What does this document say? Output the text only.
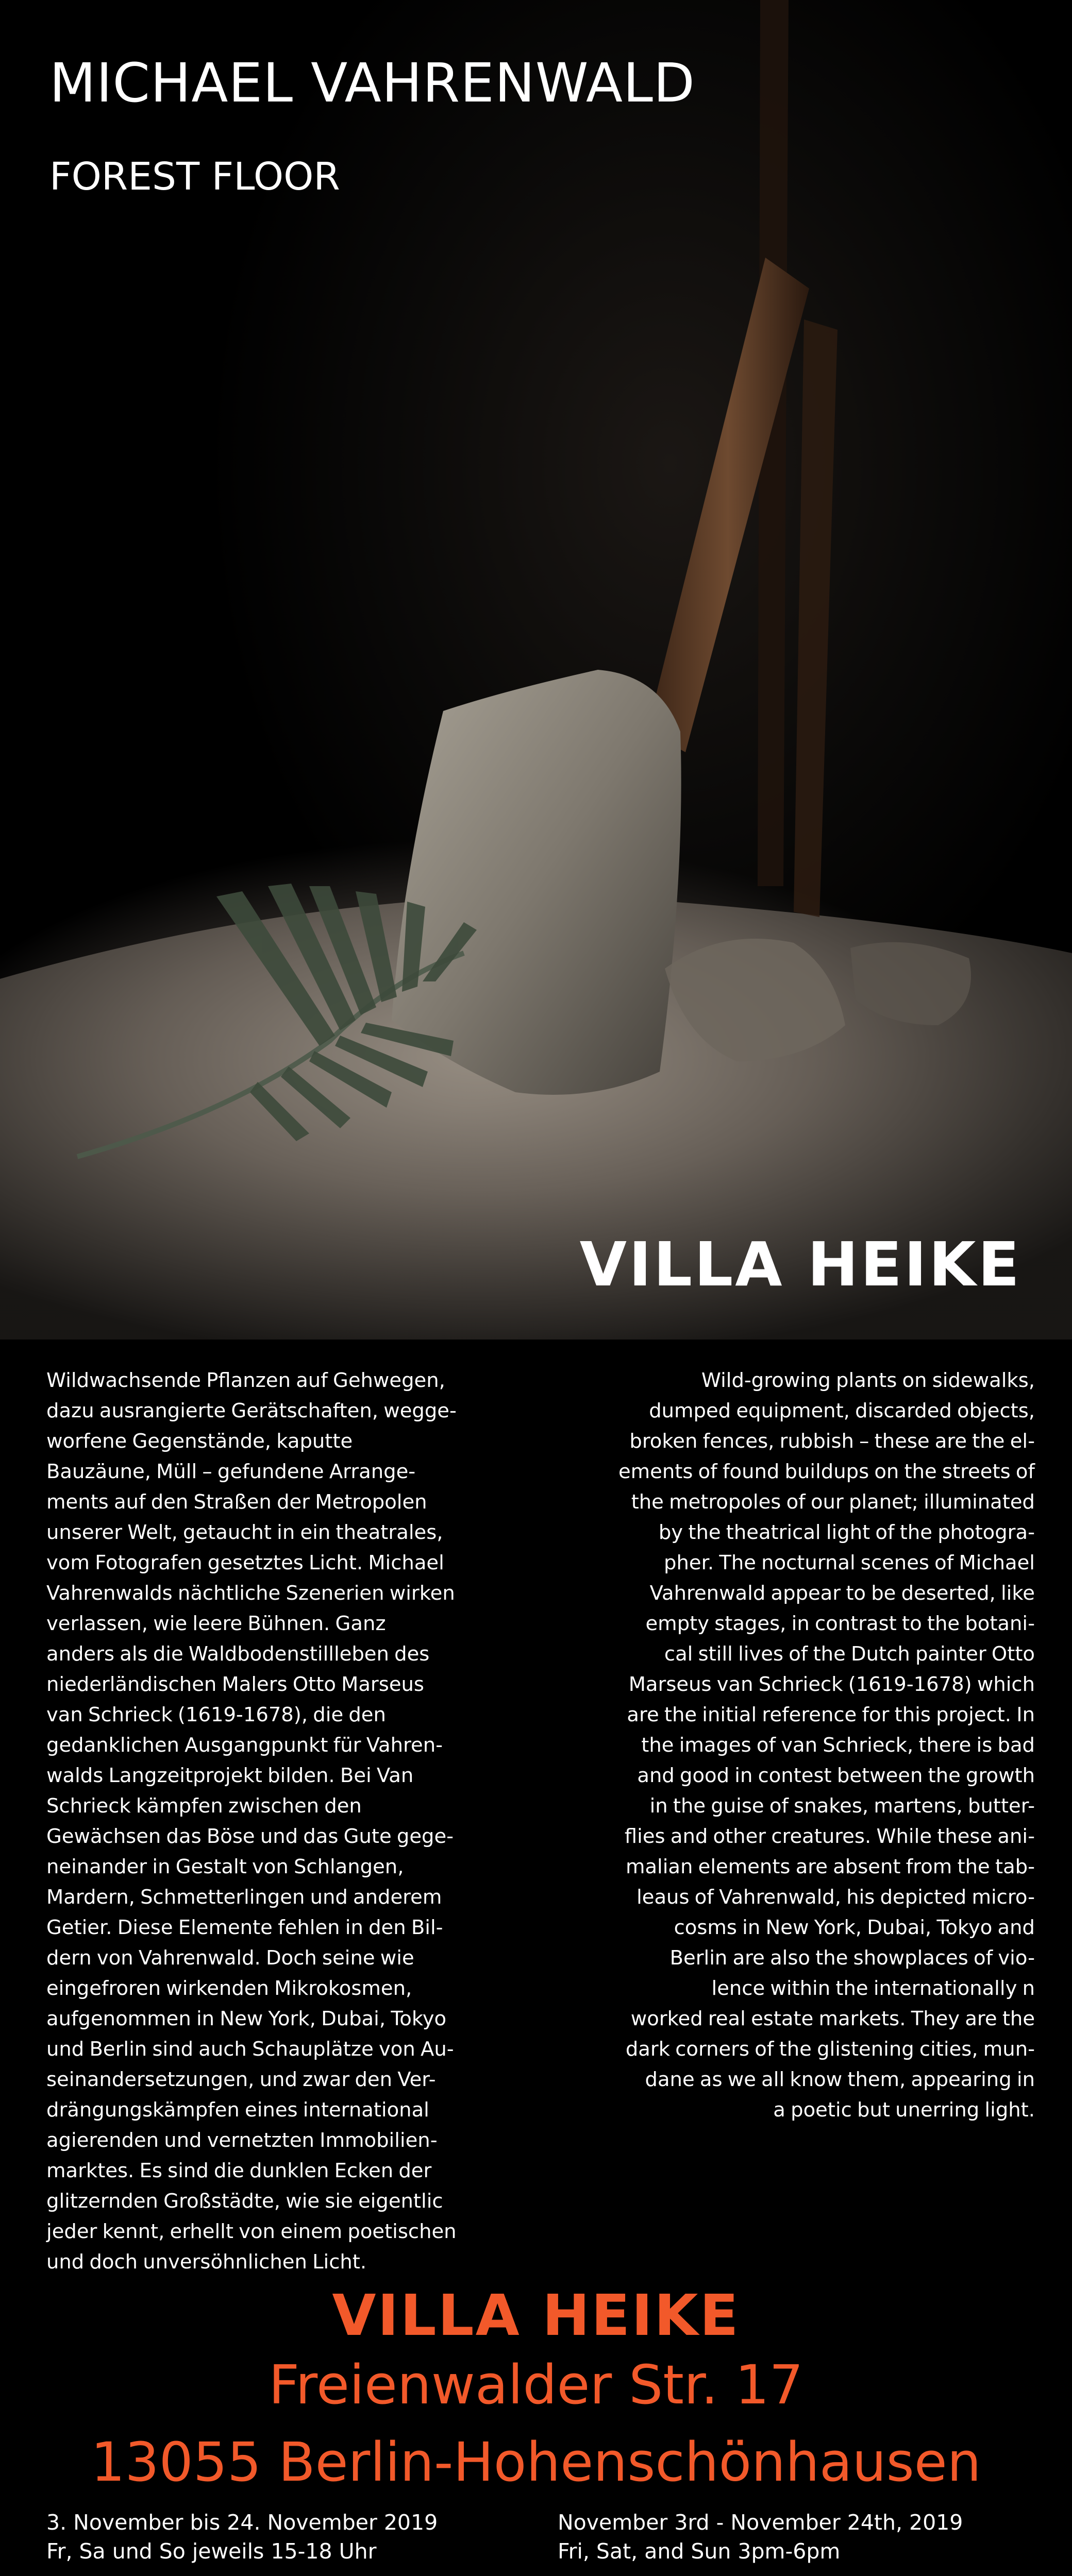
MICHAEL VAHRENWALD
FOREST FLOOR
VILLA HEIKE

Wildwachsende Pflanzen auf Gehwegen,

dazu ausrangierte Gerätschaften, wegge-

worfene Gegenstände, kaputte

Bauzäune, Müll – gefundene Arrange-

ments auf den Straßen der Metropolen

unserer Welt, getaucht in ein theatrales,

vom Fotografen gesetztes Licht. Michael

Vahrenwalds nächtliche Szenerien wirken

verlassen, wie leere Bühnen. Ganz

anders als die Waldbodenstillleben des

niederländischen Malers Otto Marseus

van Schrieck (1619-1678), die den

gedanklichen Ausgangpunkt für Vahren-

walds Langzeitprojekt bilden. Bei Van

Schrieck kämpfen zwischen den

Gewächsen das Böse und das Gute gege-

neinander in Gestalt von Schlangen,

Mardern, Schmetterlingen und anderem

Getier. Diese Elemente fehlen in den Bil-

dern von Vahrenwald. Doch seine wie

eingefroren wirkenden Mikrokosmen,

aufgenommen in New York, Dubai, Tokyo

und Berlin sind auch Schauplätze von Au-

seinandersetzungen, und zwar den Ver-

drängungskämpfen eines international

agierenden und vernetzten Immobilien-

marktes. Es sind die dunklen Ecken der

glitzernden Großstädte, wie sie eigentlic

jeder kennt, erhellt von einem poetischen

und doch unversöhnlichen Licht.

Wild-growing plants on sidewalks,

dumped equipment, discarded objects,

broken fences, rubbish – these are the el-

ements of found buildups on the streets of

the metropoles of our planet; illuminated

by the theatrical light of the photogra-

pher. The nocturnal scenes of Michael

Vahrenwald appear to be deserted, like

empty stages, in contrast to the botani-

cal still lives of the Dutch painter Otto

Marseus van Schrieck (1619-1678) which

are the initial reference for this project. In

the images of van Schrieck, there is bad

and good in contest between the growth

in the guise of snakes, martens, butter-

flies and other creatures. While these ani-

malian elements are absent from the tab-

leaus of Vahrenwald, his depicted micro-

cosms in New York, Dubai, Tokyo and

Berlin are also the showplaces of vio-

lence within the internationally n

worked real estate markets. They are the

dark corners of the glistening cities, mun-

dane as we all know them, appearing in

a poetic but unerring light.

VILLA HEIKE
Freienwalder Str. 17
13055 Berlin-Hohenschönhausen
3. November bis 24. November 2019
Fr, Sa und So jeweils 15-18 Uhr
November 3rd - November 24th, 2019
Fri, Sat, and Sun 3pm-6pm
